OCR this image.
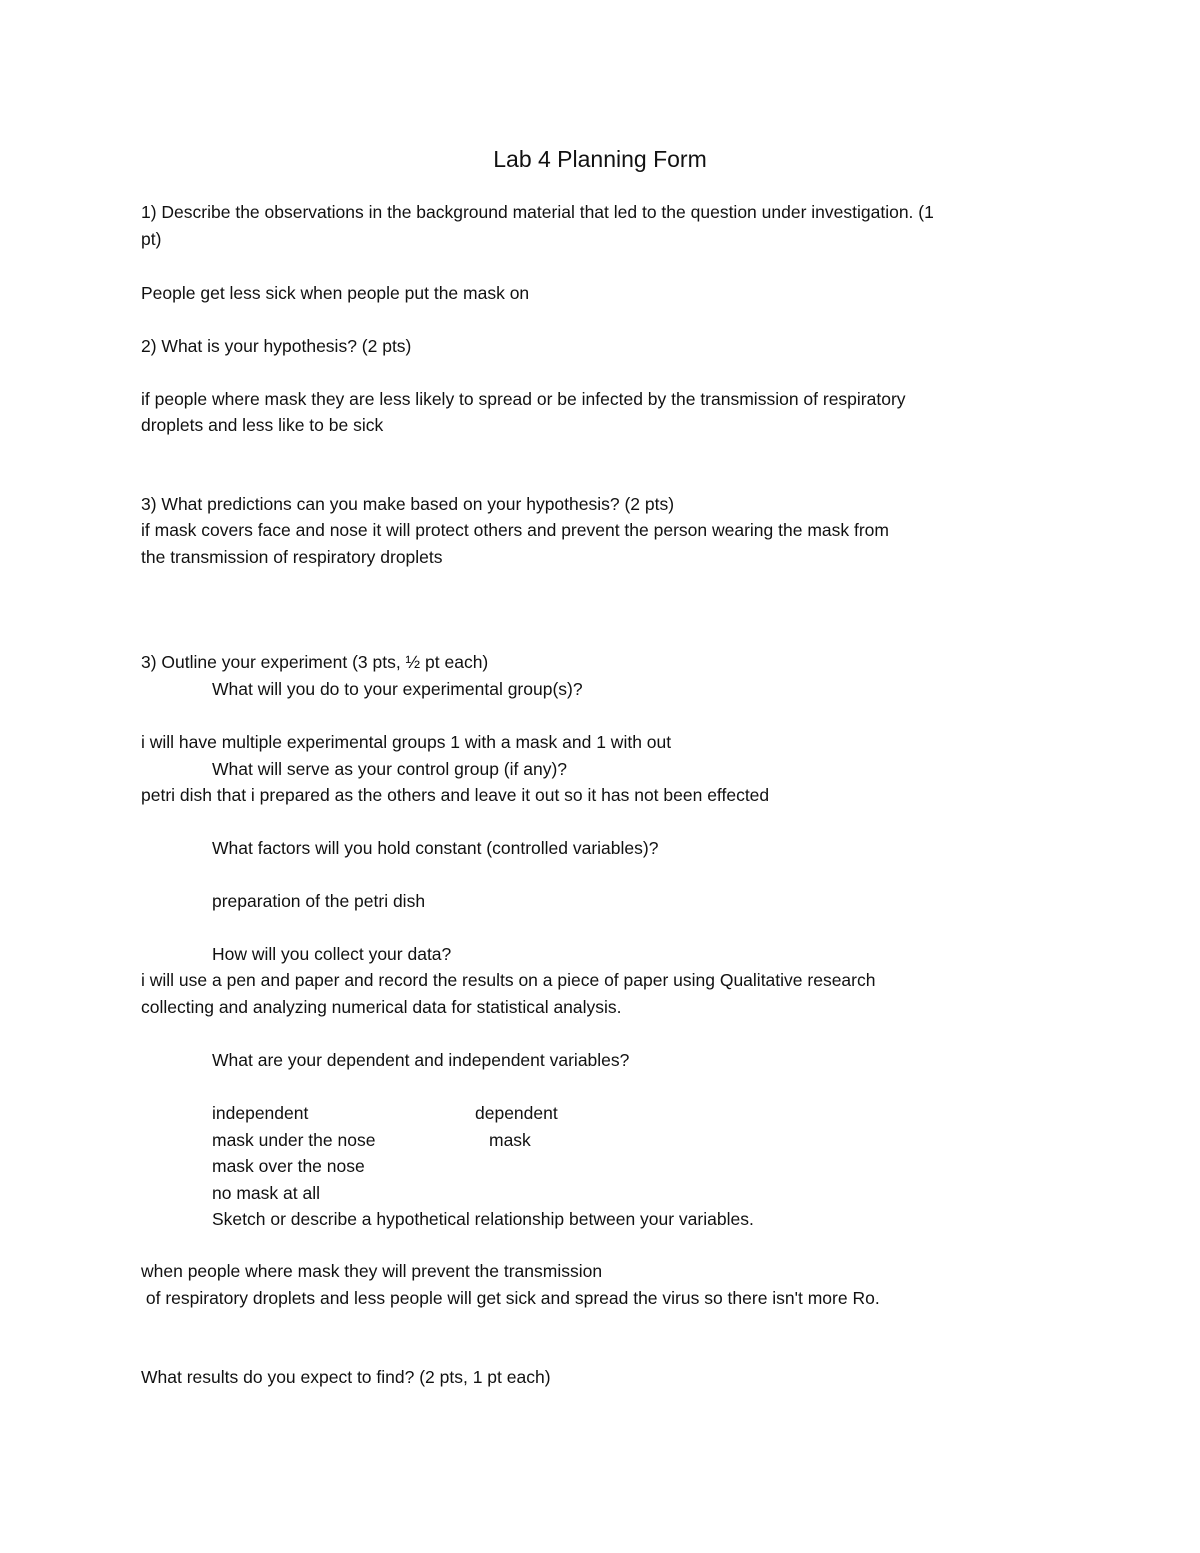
Lab 4 Planning Form

1) Describe the observations in the background material that led to the question under investigation. (1

pt)

People get less sick when people put the mask on

2) What is your hypothesis? (2 pts)

if people where mask they are less likely to spread or be infected by the transmission of respiratory

droplets and less like to be sick

3) What predictions can you make based on your hypothesis? (2 pts)

if mask covers face and nose it will protect others and prevent the person wearing the mask from

the transmission of respiratory droplets

3) Outline your experiment (3 pts, ½ pt each)

What will you do to your experimental group(s)?

i will have multiple experimental groups 1 with a mask and 1 with out

What will serve as your control group (if any)?

petri dish that i prepared as the others and leave it out so it has not been effected

What factors will you hold constant (controlled variables)?

preparation of the petri dish

How will you collect your data?

i will use a pen and paper and record the results on a piece of paper using Qualitative research

collecting and analyzing numerical data for statistical analysis.

What are your dependent and independent variables?

independent	dependent

mask under the nose	mask

mask over the nose

no mask at all

Sketch or describe a hypothetical relationship between your variables.

when people where mask they will prevent the transmission

of respiratory droplets and less people will get sick and spread the virus so there isn't more Ro.

What results do you expect to find? (2 pts, 1 pt each)
